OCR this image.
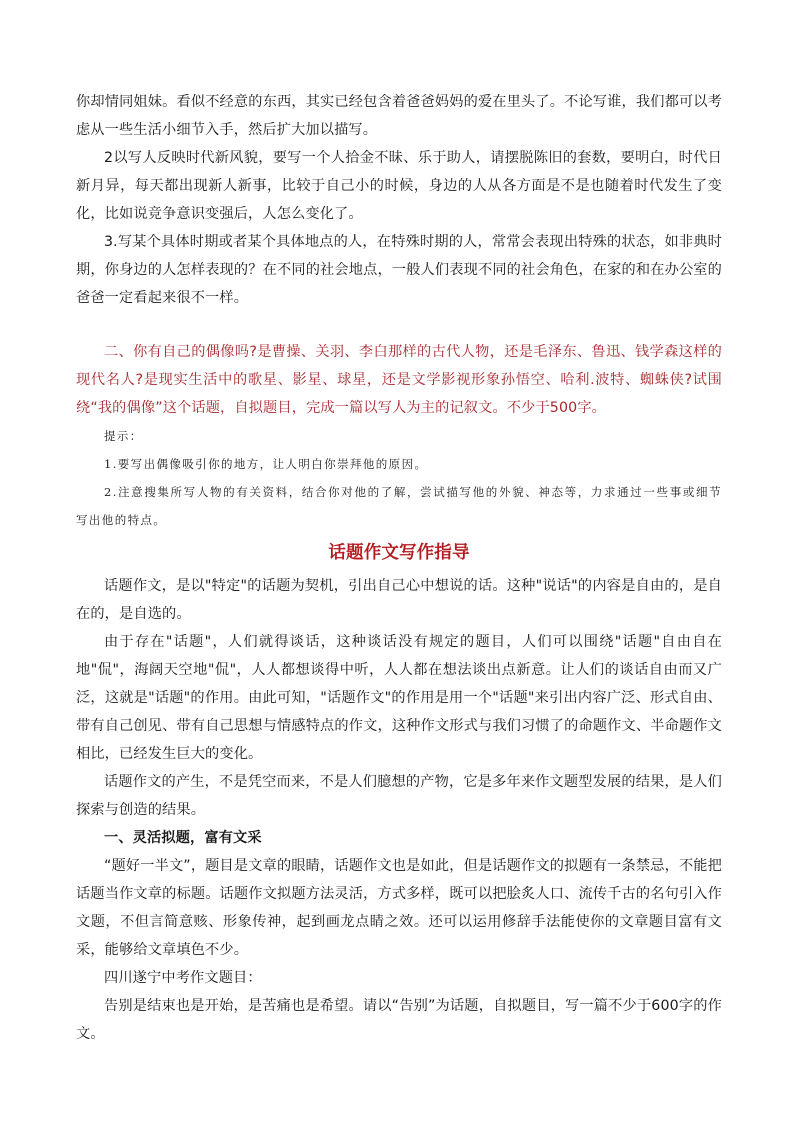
你却情同姐妹。看似不经意的东西，其实已经包含着爸爸妈妈的爱在里头了。不论写谁，我们都可以考虑从一些生活小细节入手，然后扩大加以描写。

2以写人反映时代新风貌，要写一个人拾金不昧、乐于助人，请摆脱陈旧的套数，要明白，时代日新月异，每天都出现新人新事，比较于自己小的时候，身边的人从各方面是不是也随着时代发生了变化，比如说竞争意识变强后，人怎么变化了。

3.写某个具体时期或者某个具体地点的人，在特殊时期的人，常常会表现出特殊的状态，如非典时期，你身边的人怎样表现的？在不同的社会地点，一般人们表现不同的社会角色，在家的和在办公室的爸爸一定看起来很不一样。

二、你有自己的偶像吗?是曹操、关羽、李白那样的古代人物，还是毛泽东、鲁迅、钱学森这样的现代名人?是现实生活中的歌星、影星、球星，还是文学影视形象孙悟空、哈利.波特、蜘蛛侠?试围绕“我的偶像”这个话题，自拟题目，完成一篇以写人为主的记叙文。不少于500字。

提示：

1.要写出偶像吸引你的地方，让人明白你崇拜他的原因。

2.注意搜集所写人物的有关资料，结合你对他的了解，尝试描写他的外貌、神态等，力求通过一些事或细节写出他的特点。

话题作文写作指导

话题作文，是以"特定"的话题为契机，引出自己心中想说的话。这种"说话"的内容是自由的，是自在的，是自选的。

由于存在"话题"，人们就得谈话，这种谈话没有规定的题目，人们可以围绕"话题"自由自在地"侃"，海阔天空地"侃"，人人都想谈得中听，人人都在想法谈出点新意。让人们的谈话自由而又广泛，这就是"话题"的作用。由此可知，"话题作文"的作用是用一个"话题"来引出内容广泛、形式自由、带有自己创见、带有自己思想与情感特点的作文，这种作文形式与我们习惯了的命题作文、半命题作文相比，已经发生巨大的变化。

话题作文的产生，不是凭空而来，不是人们臆想的产物，它是多年来作文题型发展的结果，是人们探索与创造的结果。

一、灵活拟题，富有文采

“题好一半文”，题目是文章的眼睛，话题作文也是如此，但是话题作文的拟题有一条禁忌，不能把话题当作文章的标题。话题作文拟题方法灵活，方式多样，既可以把脍炙人口、流传千古的名句引入作文题，不但言简意赅、形象传神，起到画龙点睛之效。还可以运用修辞手法能使你的文章题目富有文采，能够给文章填色不少。

四川遂宁中考作文题目：

告别是结束也是开始，是苦痛也是希望。请以“告别”为话题，自拟题目，写一篇不少于600字的作文。
